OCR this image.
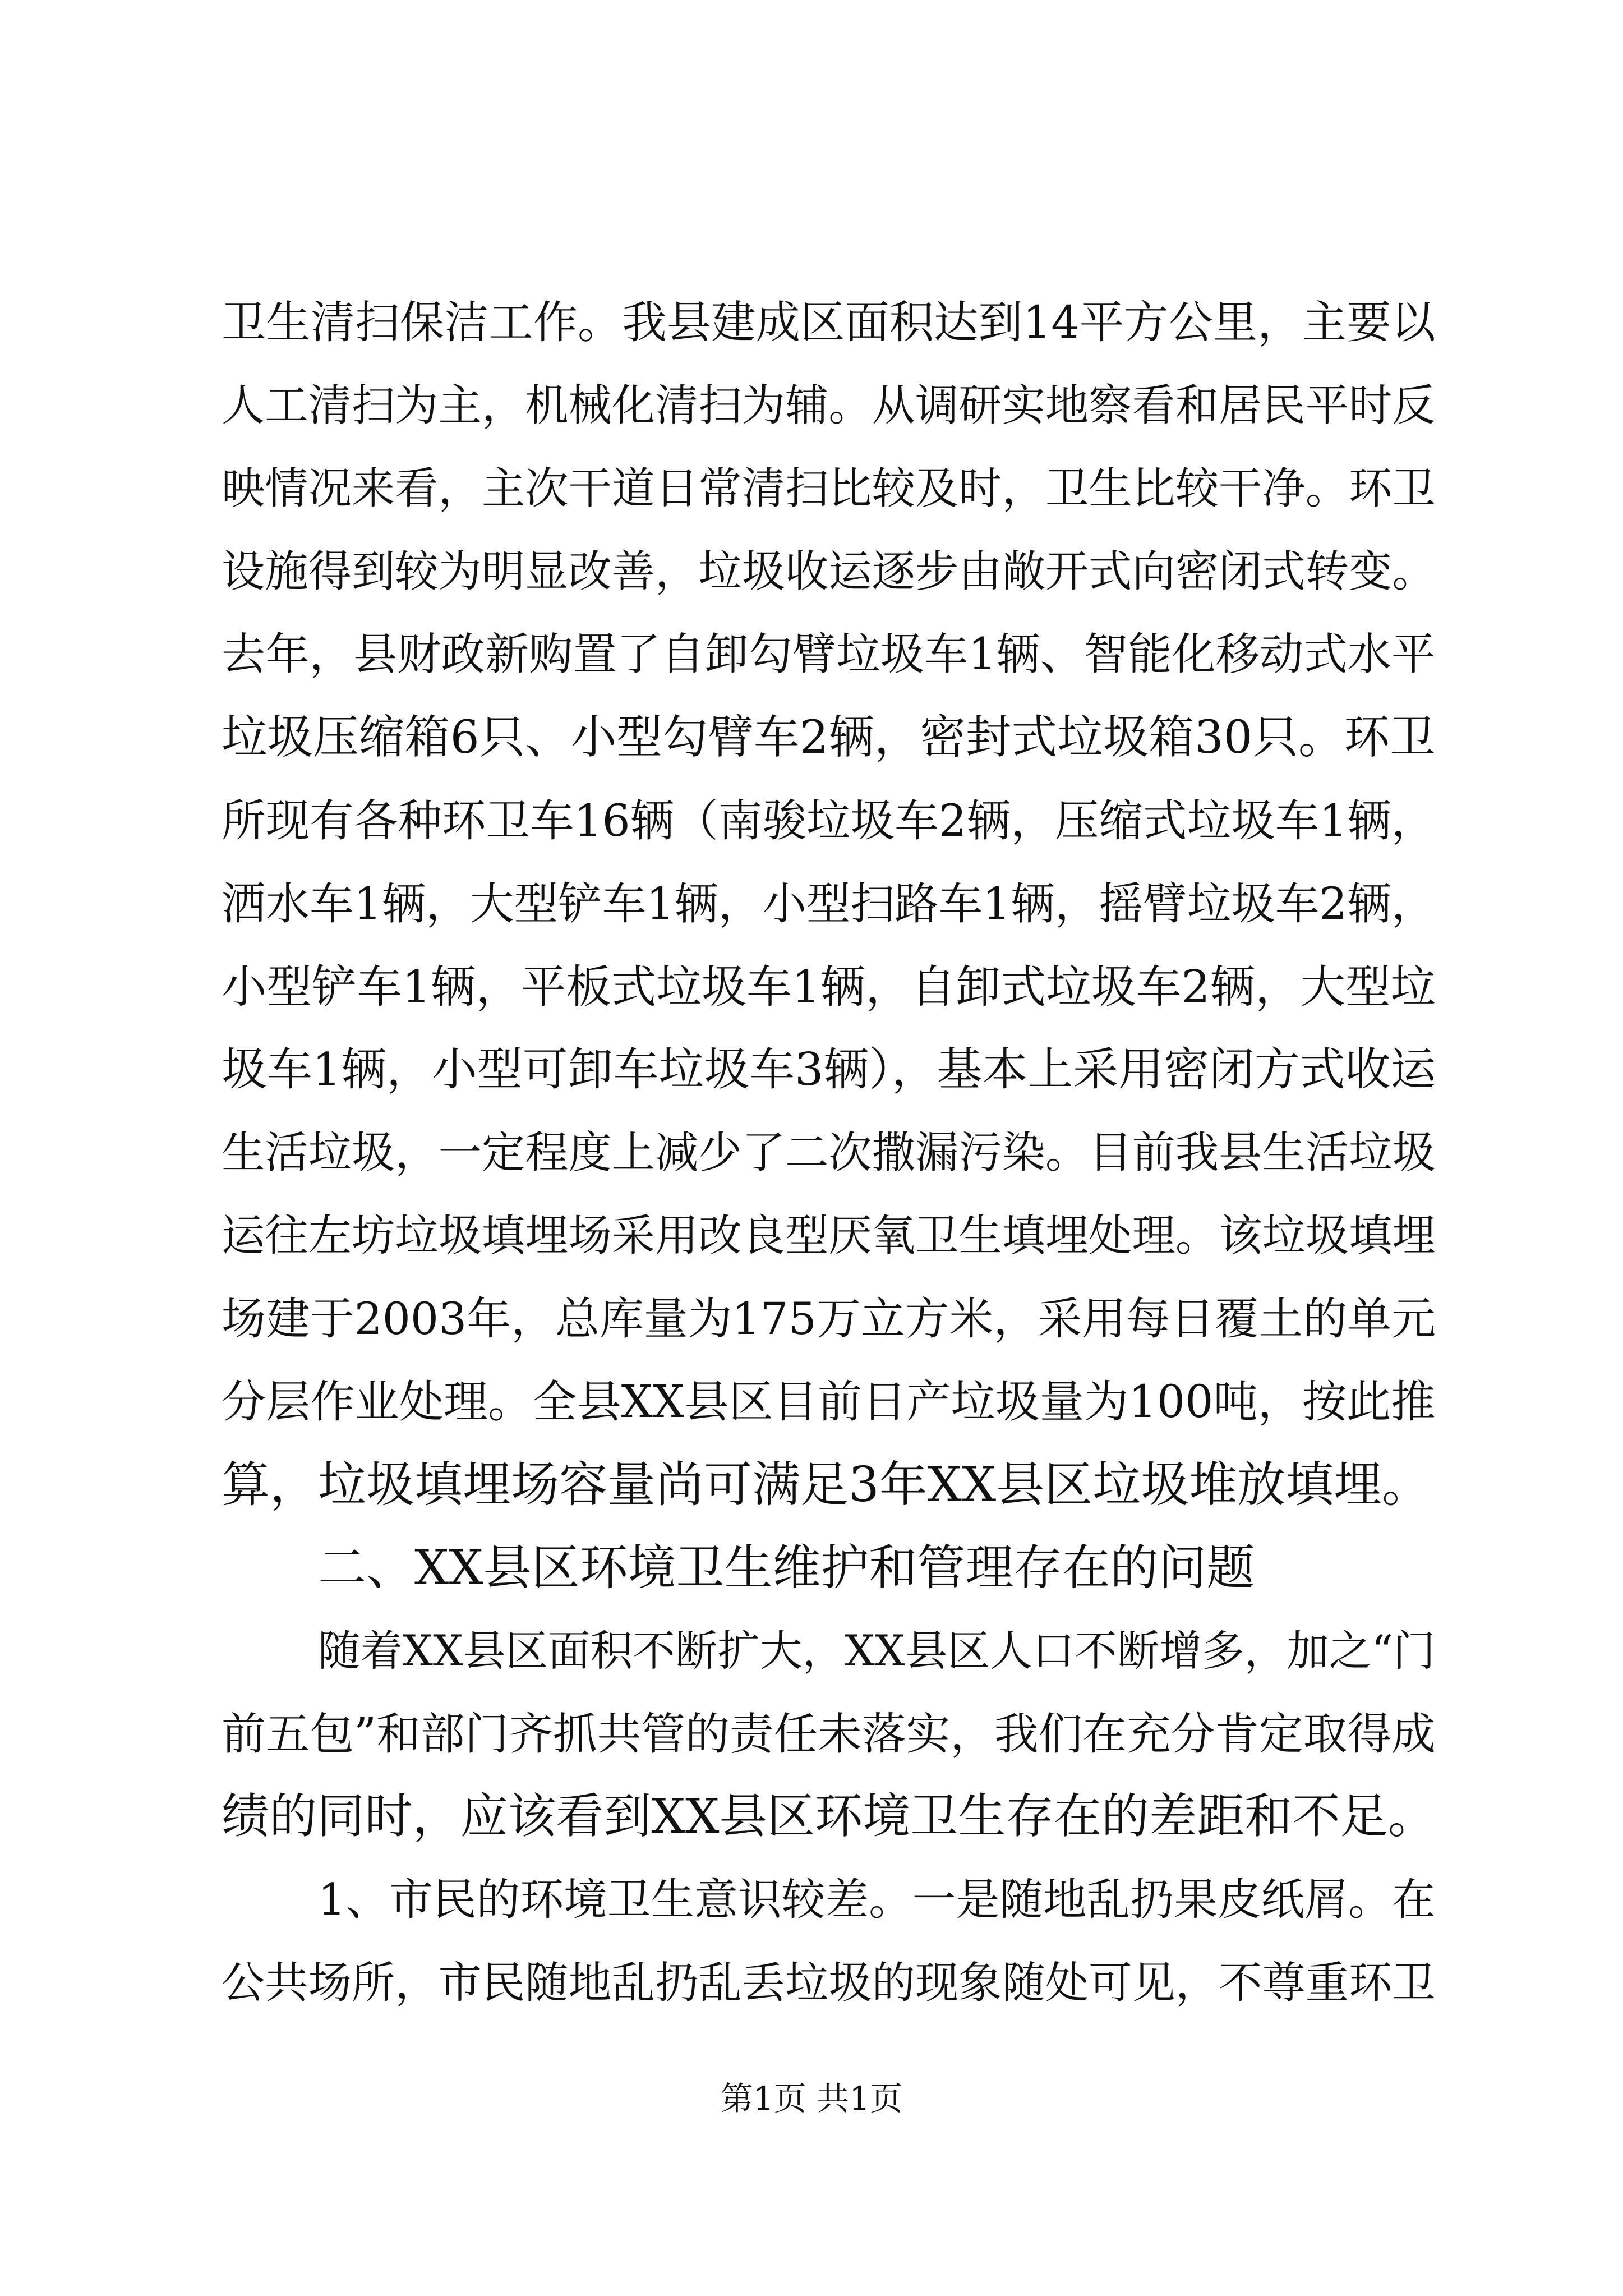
卫生清扫保洁工作。我县建成区面积达到14平方公里，主要以

人工清扫为主，机械化清扫为辅。从调研实地察看和居民平时反

映情况来看，主次干道日常清扫比较及时，卫生比较干净。环卫

设施得到较为明显改善，垃圾收运逐步由敞开式向密闭式转变。

去年，县财政新购置了自卸勾臂垃圾车1辆、智能化移动式水平

垃圾压缩箱6只、小型勾臂车2辆，密封式垃圾箱30只。环卫

所现有各种环卫车16辆（南骏垃圾车2辆，压缩式垃圾车1辆，

洒水车1辆，大型铲车1辆，小型扫路车1辆，摇臂垃圾车2辆，

小型铲车1辆，平板式垃圾车1辆，自卸式垃圾车2辆，大型垃

圾车1辆，小型可卸车垃圾车3辆），基本上采用密闭方式收运

生活垃圾，一定程度上减少了二次撒漏污染。目前我县生活垃圾

运往左坊垃圾填埋场采用改良型厌氧卫生填埋处理。该垃圾填埋

场建于2003年，总库量为175万立方米，采用每日覆土的单元

分层作业处理。全县XX县区目前日产垃圾量为100吨，按此推

算，垃圾填埋场容量尚可满足3年XX县区垃圾堆放填埋。

二、XX县区环境卫生维护和管理存在的问题

随着XX县区面积不断扩大，XX县区人口不断增多，加之“门

前五包”和部门齐抓共管的责任未落实，我们在充分肯定取得成

绩的同时，应该看到XX县区环境卫生存在的差距和不足。

1、市民的环境卫生意识较差。一是随地乱扔果皮纸屑。在

公共场所，市民随地乱扔乱丢垃圾的现象随处可见，不尊重环卫

第1页 共1页
